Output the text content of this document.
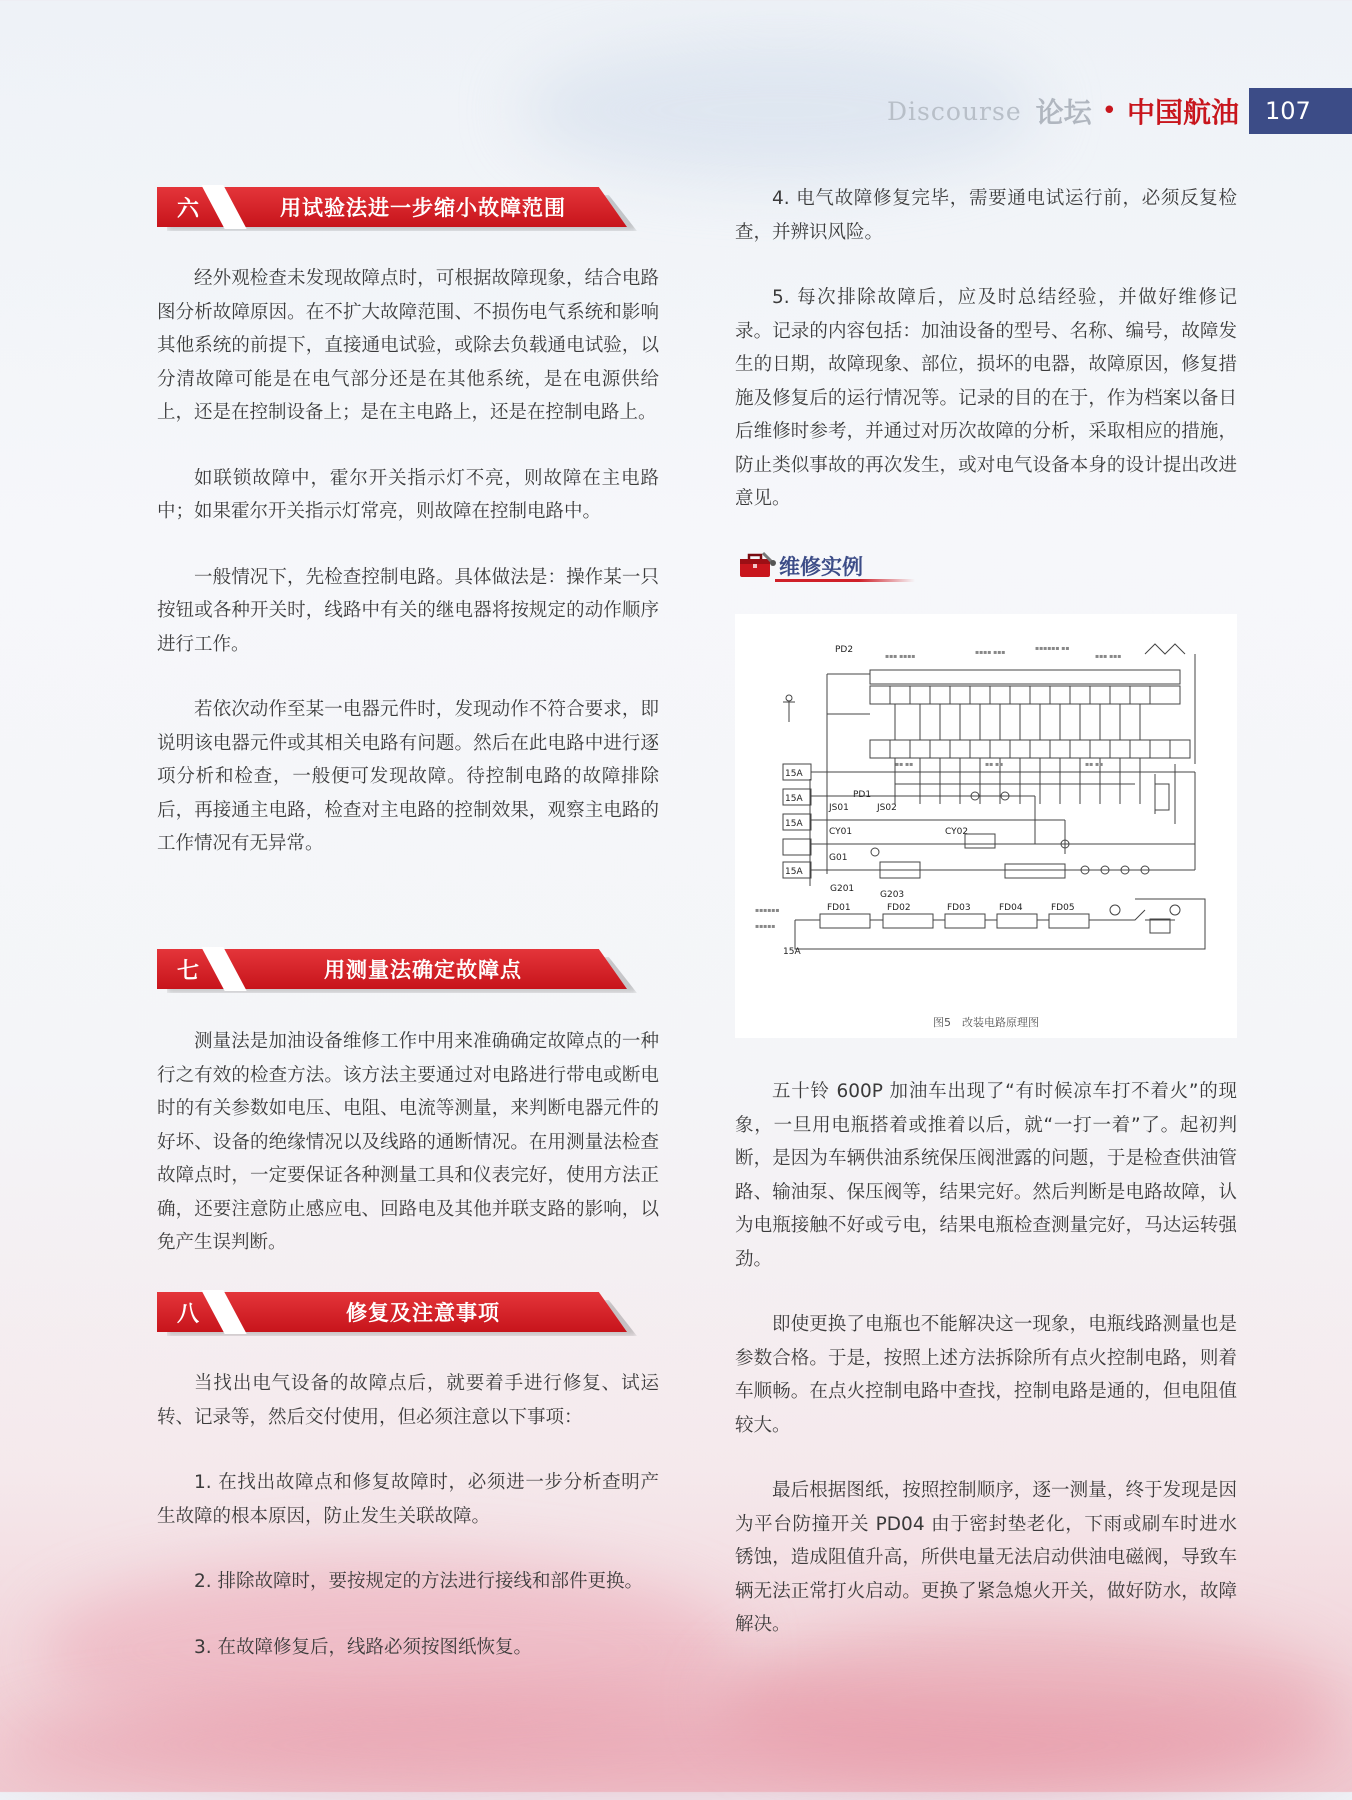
Discourse 论坛 • 中国航油	107
六	用试验法进一步缩小故障范围

经外观检查未发现故障点时，可根据故障现象，结合电路图分析故障原因。在不扩大故障范围、不损伤电气系统和影响其他系统的前提下，直接通电试验，或除去负载通电试验，以分清故障可能是在电气部分还是在其他系统，是在电源供给上，还是在控制设备上；是在主电路上，还是在控制电路上。

如联锁故障中，霍尔开关指示灯不亮，则故障在主电路中；如果霍尔开关指示灯常亮，则故障在控制电路中。

一般情况下，先检查控制电路。具体做法是：操作某一只按钮或各种开关时，线路中有关的继电器将按规定的动作顺序进行工作。

若依次动作至某一电器元件时，发现动作不符合要求，即说明该电器元件或其相关电路有问题。然后在此电路中进行逐项分析和检查，一般便可发现故障。待控制电路的故障排除后，再接通主电路，检查对主电路的控制效果，观察主电路的工作情况有无异常。

七	用测量法确定故障点

测量法是加油设备维修工作中用来准确确定故障点的一种行之有效的检查方法。该方法主要通过对电路进行带电或断电时的有关参数如电压、电阻、电流等测量，来判断电器元件的好坏、设备的绝缘情况以及线路的通断情况。在用测量法检查故障点时，一定要保证各种测量工具和仪表完好，使用方法正确，还要注意防止感应电、回路电及其他并联支路的影响，以免产生误判断。

八	修复及注意事项

当找出电气设备的故障点后，就要着手进行修复、试运转、记录等，然后交付使用，但必须注意以下事项：

1. 在找出故障点和修复故障时，必须进一步分析查明产生故障的根本原因，防止发生关联故障。

2. 排除故障时，要按规定的方法进行接线和部件更换。

3. 在故障修复后，线路必须按图纸恢复。

4. 电气故障修复完毕，需要通电试运行前，必须反复检查，并辨识风险。

5. 每次排除故障后，应及时总结经验，并做好维修记录。记录的内容包括：加油设备的型号、名称、编号，故障发生的日期，故障现象、部位，损坏的电器，故障原因，修复措施及修复后的运行情况等。记录的目的在于，作为档案以备日后维修时参考，并通过对历次故障的分析，采取相应的措施，防止类似事故的再次发生，或对电气设备本身的设计提出改进意见。

维修实例
▪▪▪ ▪▪▪▪
▪▪▪▪ ▪▪▪
▪▪▪▪▪▪ ▪▪
▪▪▪ ▪▪▪
▪▪ ▪▪	▪▪ ▪▪	▪▪ ▪▪
▪▪▪▪▪▪
▪▪▪▪▪
PD2
PD1
JS01	JS02
CY01	CY02
G01
G201
G203
FD01	FD02	FD03	FD04	FD05
15A
15A
15A
15A
15A
图5　改装电路原理图

五十铃 600P 加油车出现了“有时候凉车打不着火”的现象，一旦用电瓶搭着或推着以后，就“一打一着”了。起初判断，是因为车辆供油系统保压阀泄露的问题，于是检查供油管路、输油泵、保压阀等，结果完好。然后判断是电路故障，认为电瓶接触不好或亏电，结果电瓶检查测量完好，马达运转强劲。

即使更换了电瓶也不能解决这一现象，电瓶线路测量也是参数合格。于是，按照上述方法拆除所有点火控制电路，则着车顺畅。在点火控制电路中查找，控制电路是通的，但电阻值较大。

最后根据图纸，按照控制顺序，逐一测量，终于发现是因为平台防撞开关 PD04 由于密封垫老化，下雨或刷车时进水锈蚀，造成阻值升高，所供电量无法启动供油电磁阀，导致车辆无法正常打火启动。更换了紧急熄火开关，做好防水，故障解决。
